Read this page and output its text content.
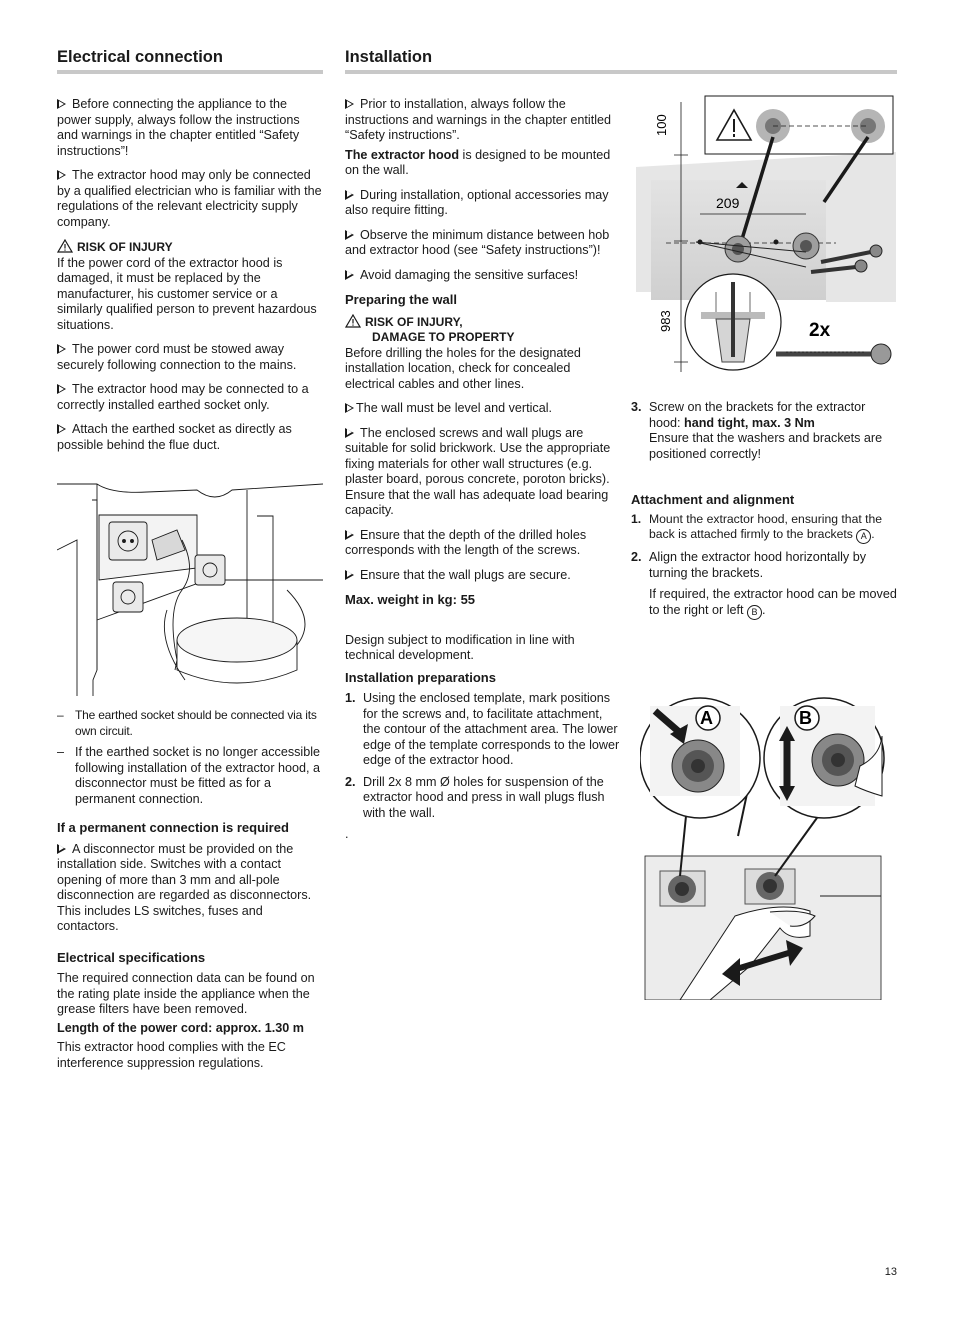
Electrical connection

Before connecting the appliance to the power supply, always follow the instructions and warnings in the chapter entitled “Safety instructions”!

The extractor hood may only be connected by a qualified electrician who is familiar with the regulations of the relevant electricity supply company.

RISK OF INJURY
If the power cord of the extractor hood is damaged, it must be replaced by the manufacturer, his customer service or a similarly qualified person to prevent hazardous situations.

The power cord must be stowed away securely following connection to the mains.

The extractor hood may be connected to a correctly installed earthed socket only.

Attach the earthed socket as directly as possible behind the flue duct.

– The earthed socket should be connected via its own circuit.
– If the earthed socket is no longer accessible following installation of the extractor hood, a disconnector must be fitted as for a permanent connection.
If a permanent connection is required

A disconnector must be provided on the installation side. Switches with a contact opening of more than 3 mm and all-pole disconnection are regarded as disconnectors. This includes LS switches, fuses and contactors.

Electrical specifications

The required connection data can be found on the rating plate inside the appliance when the grease filters have been removed.

Length of the power cord: approx. 1.30 m

This extractor hood complies with the EC interference suppression regulations.

Installation

Prior to installation, always follow the instructions and warnings in the chapter entitled “Safety instructions”.

The extractor hood is designed to be mounted on the wall.

During installation, optional accessories may also require fitting.

Observe the minimum distance between hob and extractor hood (see “Safety instructions”)!

Avoid damaging the sensitive surfaces!

Preparing the wall

RISK OF INJURY,
DAMAGE TO PROPERTY
Before drilling the holes for the designated installation location, check for concealed electrical cables and other lines.

The wall must be level and vertical.

The enclosed screws and wall plugs are suitable for solid brickwork. Use the appropriate fixing materials for other wall structures (e.g. plaster board, porous concrete, poroton bricks).
Ensure that the wall has adequate load bearing capacity.

Ensure that the depth of the drilled holes corresponds with the length of the screws.

Ensure that the wall plugs are secure.

Max. weight in kg: 55

Design subject to modification in line with technical development.

Installation preparations
1. Using the enclosed template, mark positions for the screws and, to facilitate attachment, the contour of the attachment area. The lower edge of the template corresponds to the lower edge of the extractor hood.
2. Drill 2x 8 mm Ø holes for suspension of the extractor hood and press in wall plugs flush with the wall.

.

100
209
983	2x
3. Screw on the brackets for the extractor hood: hand tight, max. 3 Nm
Ensure that the washers and brackets are positioned correctly!
Attachment and alignment
1. Mount the extractor hood, ensuring that the back is attached firmly to the brackets A .
2. Align the extractor hood horizontally by turning the brackets.

If required, the extractor hood can be moved to the right or left B .

A	B
13
